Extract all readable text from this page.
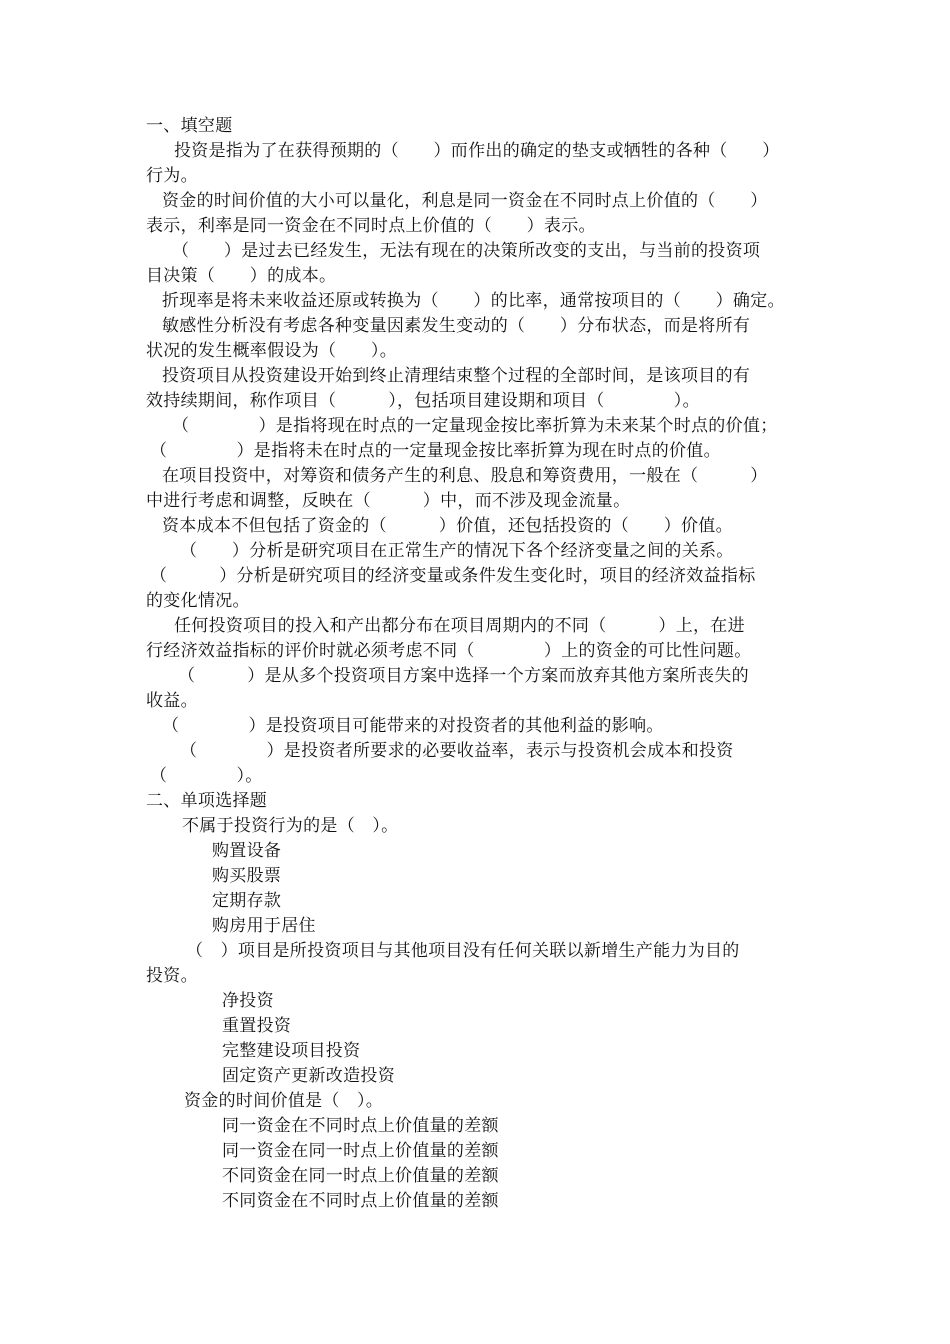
一、填空题
投资是指为了在获得预期的（　　）而作出的确定的垫支或牺牲的各种（　　）
行为。
资金的时间价值的大小可以量化，利息是同一资金在不同时点上价值的（　　）
表示，利率是同一资金在不同时点上价值的（　　）表示。
（　　）是过去已经发生，无法有现在的决策所改变的支出，与当前的投资项
目决策（　　）的成本。
折现率是将未来收益还原或转换为（　　）的比率，通常按项目的（　　）确定。
敏感性分析没有考虑各种变量因素发生变动的（　　）分布状态，而是将所有
状况的发生概率假设为（　　）。
投资项目从投资建设开始到终止清理结束整个过程的全部时间，是该项目的有
效持续期间，称作项目（　　　），包括项目建设期和项目（　　　　）。
（　　　　）是指将现在时点的一定量现金按比率折算为未来某个时点的价值；
（　　　　）是指将未在时点的一定量现金按比率折算为现在时点的价值。
在项目投资中，对筹资和债务产生的利息、股息和筹资费用，一般在（　　　）
中进行考虑和调整，反映在（　　　）中，而不涉及现金流量。
资本成本不但包括了资金的（　　　）价值，还包括投资的（　　）价值。
（　　）分析是研究项目在正常生产的情况下各个经济变量之间的关系。
（　　　）分析是研究项目的经济变量或条件发生变化时，项目的经济效益指标
的变化情况。
任何投资项目的投入和产出都分布在项目周期内的不同（　　　）上，在进
行经济效益指标的评价时就必须考虑不同（　　　　）上的资金的可比性问题。
（　　　）是从多个投资项目方案中选择一个方案而放弃其他方案所丧失的
收益。
（　　　　）是投资项目可能带来的对投资者的其他利益的影响。
（　　　　）是投资者所要求的必要收益率，表示与投资机会成本和投资
（　　　　）。
二、单项选择题
不属于投资行为的是（　）。
购置设备
购买股票
定期存款
购房用于居住
（　）项目是所投资项目与其他项目没有任何关联以新增生产能力为目的
投资。
净投资
重置投资
完整建设项目投资
固定资产更新改造投资
资金的时间价值是（　）。
同一资金在不同时点上价值量的差额
同一资金在同一时点上价值量的差额
不同资金在同一时点上价值量的差额
不同资金在不同时点上价值量的差额
